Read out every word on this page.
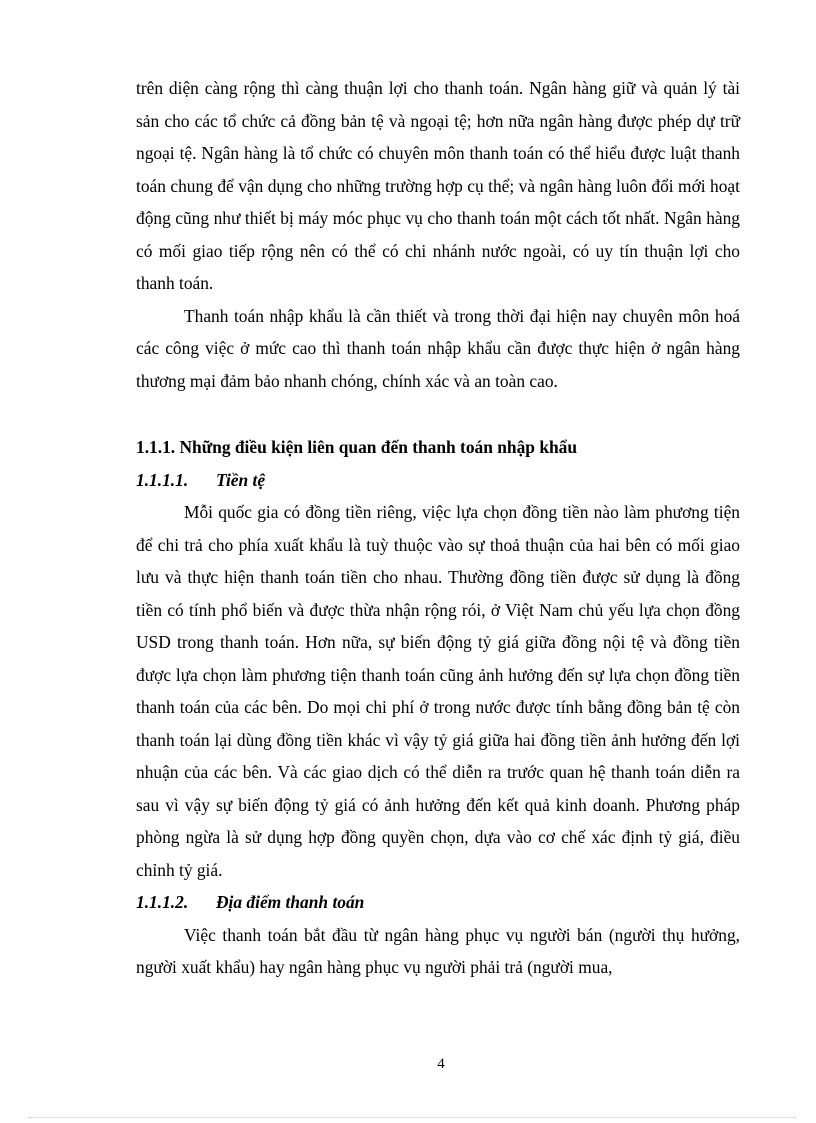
trên diện càng rộng thì càng thuận lợi cho thanh toán. Ngân hàng giữ và quản lý tài sản cho các tổ chức cả đồng bản tệ và ngoại tệ; hơn nữa ngân hàng được phép dự trữ ngoại tệ. Ngân hàng là tổ chức có chuyên môn thanh toán có thể hiểu được luật thanh toán chung để vận dụng cho những trường hợp cụ thể; và ngân hàng luôn đổi mới hoạt động cũng như thiết bị máy móc phục vụ cho thanh toán một cách tốt nhất. Ngân hàng có mối giao tiếp rộng nên có thể có chi nhánh nước ngoài, có uy tín thuận lợi cho thanh toán.

Thanh toán nhập khẩu là cần thiết và trong thời đại hiện nay chuyên môn hoá các công việc ở mức cao thì thanh toán nhập khẩu cần được thực hiện ở ngân hàng thương mại đảm bảo nhanh chóng, chính xác và an toàn cao.

1.1.1. Những điều kiện liên quan đến thanh toán nhập khẩu

1.1.1.1. Tiền tệ

Mỗi quốc gia có đồng tiền riêng, việc lựa chọn đồng tiền nào làm phương tiện để chi trả cho phía xuất khẩu là tuỳ thuộc vào sự thoả thuận của hai bên có mối giao lưu và thực hiện thanh toán tiền cho nhau. Thường đồng tiền được sử dụng là đồng tiền có tính phổ biến và được thừa nhận rộng rói, ở Việt Nam chủ yếu lựa chọn đồng USD trong thanh toán. Hơn nữa, sự biến động tỷ giá giữa đồng nội tệ và đồng tiền được lựa chọn làm phương tiện thanh toán cũng ảnh hưởng đến sự lựa chọn đồng tiền thanh toán của các bên. Do mọi chi phí ở trong nước được tính bằng đồng bản tệ còn thanh toán lại dùng đồng tiền khác vì vậy tỷ giá giữa hai đồng tiền ảnh hưởng đến lợi nhuận của các bên. Và các giao dịch có thể diễn ra trước quan hệ thanh toán diễn ra sau vì vậy sự biến động tỷ giá có ảnh hưởng đến kết quả kinh doanh. Phương pháp phòng ngừa là sử dụng hợp đồng quyền chọn, dựa vào cơ chế xác định tỷ giá, điều chỉnh tỷ giá.

1.1.1.2. Địa điểm thanh toán

Việc thanh toán bắt đầu từ ngân hàng phục vụ người bán (người thụ hưởng, người xuất khẩu) hay ngân hàng phục vụ người phải trả (người mua,

4
